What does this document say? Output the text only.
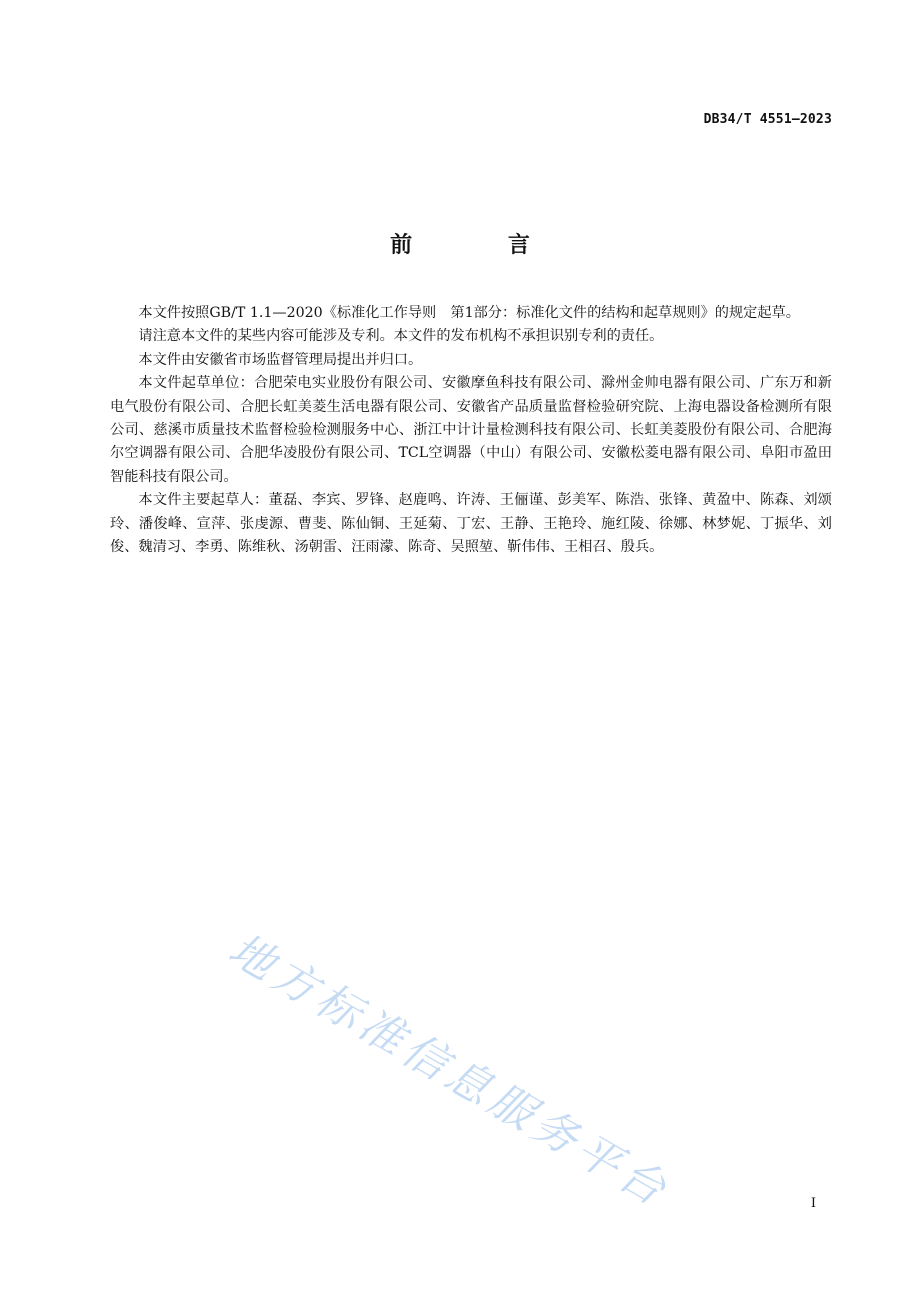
DB34/T 4551—2023
前 言

本文件按照GB/T 1.1—2020《标准化工作导则　第1部分：标准化文件的结构和起草规则》的规定起草。

请注意本文件的某些内容可能涉及专利。本文件的发布机构不承担识别专利的责任。

本文件由安徽省市场监督管理局提出并归口。

本文件起草单位：合肥荣电实业股份有限公司、安徽摩鱼科技有限公司、滁州金帅电器有限公司、广东万和新电气股份有限公司、合肥长虹美菱生活电器有限公司、安徽省产品质量监督检验研究院、上海电器设备检测所有限公司、慈溪市质量技术监督检验检测服务中心、浙江中计计量检测科技有限公司、长虹美菱股份有限公司、合肥海尔空调器有限公司、合肥华凌股份有限公司、TCL空调器（中山）有限公司、安徽松菱电器有限公司、阜阳市盈田智能科技有限公司。

本文件主要起草人：董磊、李宾、罗锋、赵鹿鸣、许涛、王俪谨、彭美军、陈浩、张锋、黄盈中、陈森、刘颂玲、潘俊峰、宣萍、张虔源、曹斐、陈仙铜、王延菊、丁宏、王静、王艳玲、施红陵、徐娜、林梦妮、丁振华、刘俊、魏清习、李勇、陈维秋、汤朝雷、汪雨濛、陈奇、吴照堃、靳伟伟、王相召、殷兵。

地方标准信息服务平台	I
